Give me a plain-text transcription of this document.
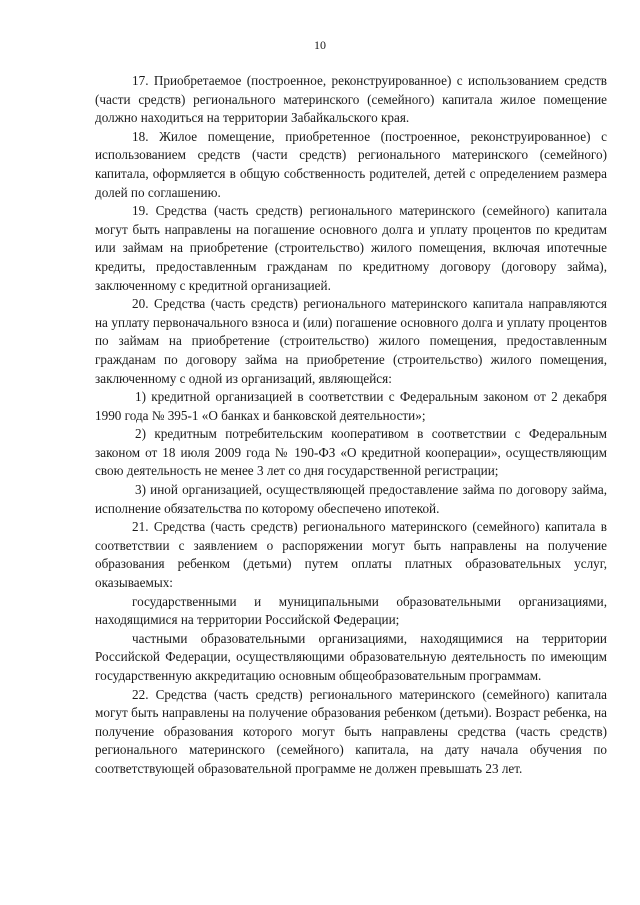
10

17. Приобретаемое (построенное, реконструированное) с использованием средств (части средств) регионального материнского (семейного) капитала жилое помещение должно находиться на территории Забайкальского края.

18. Жилое помещение, приобретенное (построенное, реконструированное) с использованием средств (части средств) регионального материнского (семейного) капитала, оформляется в общую собственность родителей, детей с определением размера долей по соглашению.

19. Средства (часть средств) регионального материнского (семейного) капитала могут быть направлены на погашение основного долга и уплату процентов по кредитам или займам на приобретение (строительство) жилого помещения, включая ипотечные кредиты, предоставленным гражданам по кредитному договору (договору займа), заключенному с кредитной организацией.

20. Средства (часть средств) регионального материнского капитала направляются на уплату первоначального взноса и (или) погашение основного долга и уплату процентов по займам на приобретение (строительство) жилого помещения, предоставленным гражданам по договору займа на приобретение (строительство) жилого помещения, заключенному с одной из организаций, являющейся:

1) кредитной организацией в соответствии с Федеральным законом от 2 декабря 1990 года № 395-1 «О банках и банковской деятельности»;

2) кредитным потребительским кооперативом в соответствии с Федеральным законом от 18 июля 2009 года № 190-ФЗ «О кредитной кооперации», осуществляющим свою деятельность не менее 3 лет со дня государственной регистрации;

3) иной организацией, осуществляющей предоставление займа по договору займа, исполнение обязательства по которому обеспечено ипотекой.

21. Средства (часть средств) регионального материнского (семейного) капитала в соответствии с заявлением о распоряжении могут быть направлены на получение образования ребенком (детьми) путем оплаты платных образовательных услуг, оказываемых:

государственными и муниципальными образовательными организациями, находящимися на территории Российской Федерации;

частными образовательными организациями, находящимися на территории Российской Федерации, осуществляющими образовательную деятельность по имеющим государственную аккредитацию основным общеобразовательным программам.

22. Средства (часть средств) регионального материнского (семейного) капитала могут быть направлены на получение образования ребенком (детьми). Возраст ребенка, на получение образования которого могут быть направлены средства (часть средств) регионального материнского (семейного) капитала, на дату начала обучения по соответствующей образовательной программе не должен превышать 23 лет.
